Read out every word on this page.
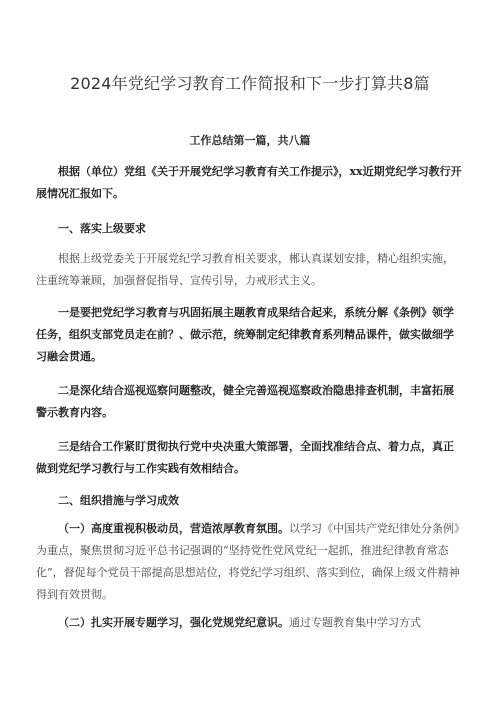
2024年党纪学习教育工作简报和下一步打算共8篇
工作总结第一篇，共八篇
根据（单位）党组《关于开展党纪学习教育有关工作提示》，xx近期党纪学习教行开展情况汇报如下。
一、落实上级要求
根据上级党委关于开展党纪学习教育相关要求，郴认真谋划安排，精心组织实施，注重统筹兼顾，加强督促指导、宣传引导，力戒形式主义。
一是要把党纪学习教育与巩固拓展主题教育成果结合起来，系统分解《条例》领学任务，组织支部党员走在前？、做示范，统筹制定纪律教育系列精品课件，做实做细学习融会贯通。
二是深化结合巡视巡察问题整改，健全完善巡视巡察政治隐患排查机制，丰富拓展警示教育内容。
三是结合工作紧盯贯彻执行党中央决重大策部署，全面找准结合点、着力点，真正做到党纪学习教行与工作实践有效相结合。
二、组织措施与学习成效
（一）高度重视积极动员，营造浓厚教育氛围。以学习《中国共产党纪律处分条例》为重点，聚焦贯彻习近平总书记强调的“坚持党性党风党纪一起抓，推进纪律教育常态化”，督促每个党员干部提高思想站位，将党纪学习组织、落实到位，确保上级文件精神得到有效贯彻。
（二）扎实开展专题学习，强化党规党纪意识。通过专题教育集中学习方式
